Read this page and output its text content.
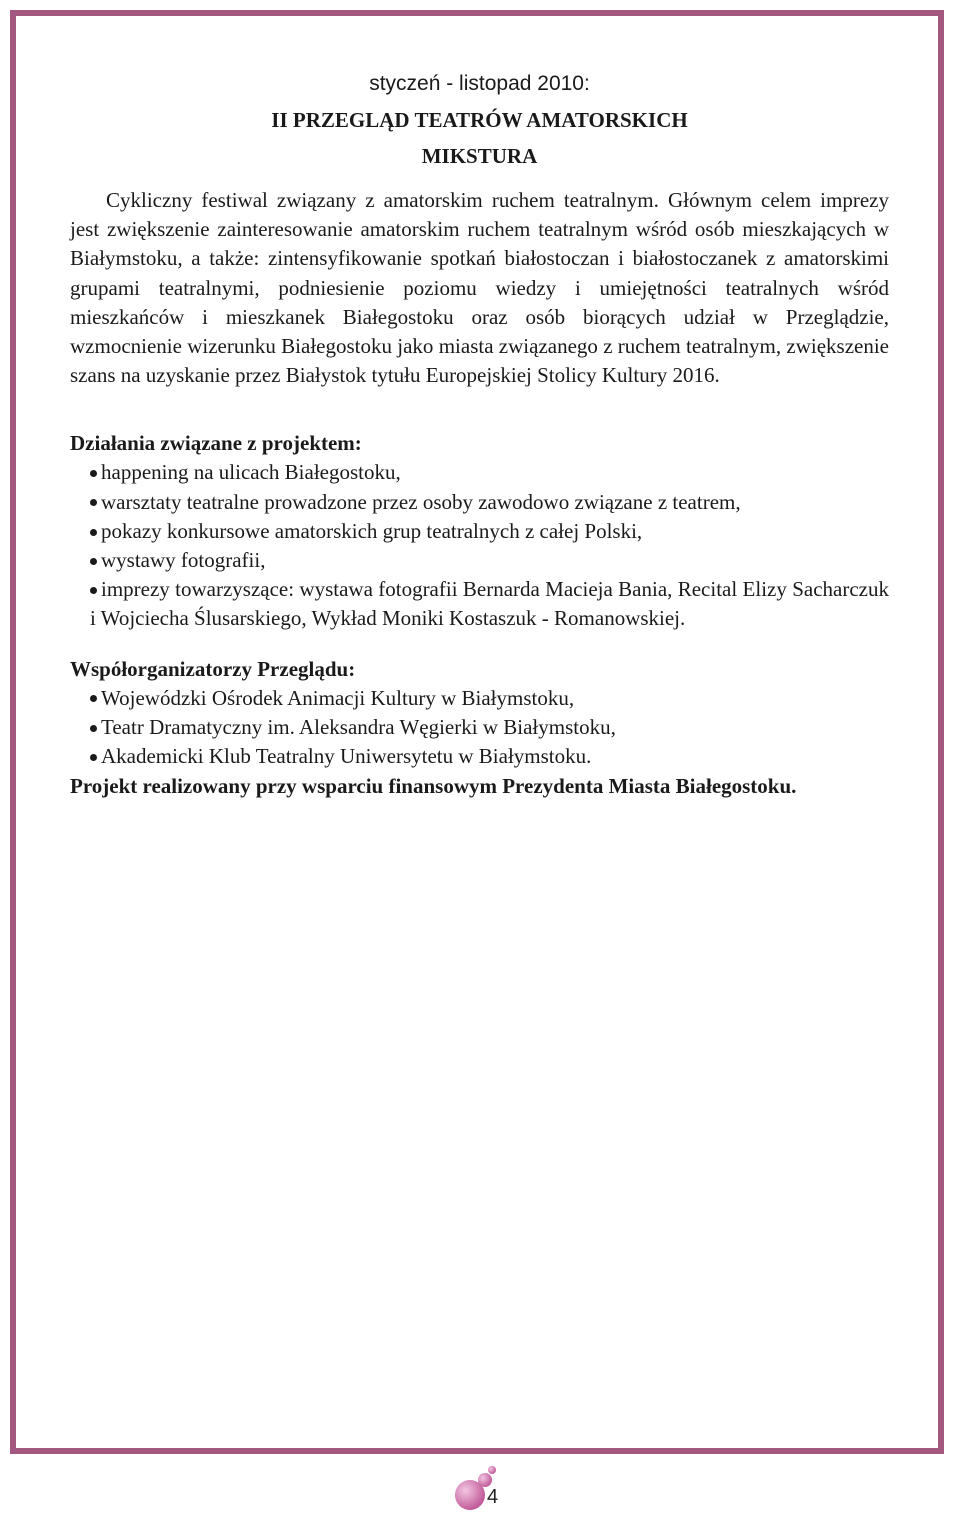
styczeń - listopad 2010:

II PRZEGLĄD TEATRÓW AMATORSKICH

MIKSTURA

Cykliczny festiwal związany z amatorskim ruchem teatralnym. Głównym celem imprezy jest zwiększenie zainteresowanie amatorskim ruchem teatralnym wśród osób mieszkających w Białymstoku, a także: zintensyfikowanie spotkań białostoczan i białostoczanek z amatorskimi grupami teatralnymi, podniesienie poziomu wiedzy i umiejętności teatralnych wśród mieszkańców i mieszkanek Białegostoku oraz osób biorących udział w Przeglądzie, wzmocnienie wizerunku Białegostoku jako miasta związanego z ruchem teatralnym, zwiększenie szans na uzyskanie przez Białystok tytułu Europejskiej Stolicy Kultury 2016.

Działania związane z projektem:

happening na ulicach Białegostoku,
warsztaty teatralne prowadzone przez osoby zawodowo związane z teatrem,
pokazy konkursowe amatorskich grup teatralnych z całej Polski,
wystawy fotografii,
imprezy towarzyszące: wystawa fotografii Bernarda Macieja Bania, Recital Elizy Sacharczuk i Wojciecha Ślusarskiego, Wykład Moniki Kostaszuk - Romanowskiej.

Współorganizatorzy Przeglądu:

Wojewódzki Ośrodek Animacji Kultury w Białymstoku,
Teatr Dramatyczny im. Aleksandra Węgierki w Białymstoku,
Akademicki Klub Teatralny Uniwersytetu w Białymstoku.

Projekt realizowany przy wsparciu finansowym Prezydenta Miasta Białegostoku.

4
